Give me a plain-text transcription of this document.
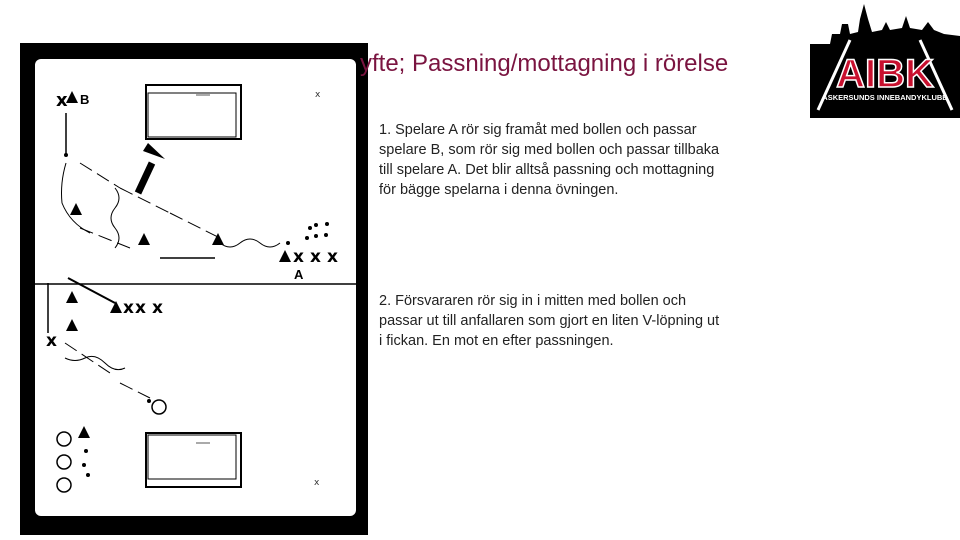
x
x
x B
x x x
A
x x x
x
yfte; Passning/mottagning i rörelse
1. Spelare A rör sig framåt med bollen och passar spelare B, som rör sig med bollen och passar tillbaka till spelare A. Det blir alltså passning och mottagning för bägge spelarna i denna övningen.
2. Försvararen rör sig in i mitten med bollen och passar ut till anfallaren som gjort en liten V-löpning ut i fickan. En mot en efter passningen.
AIBK
ASKERSUNDS INNEBANDYKLUBB
